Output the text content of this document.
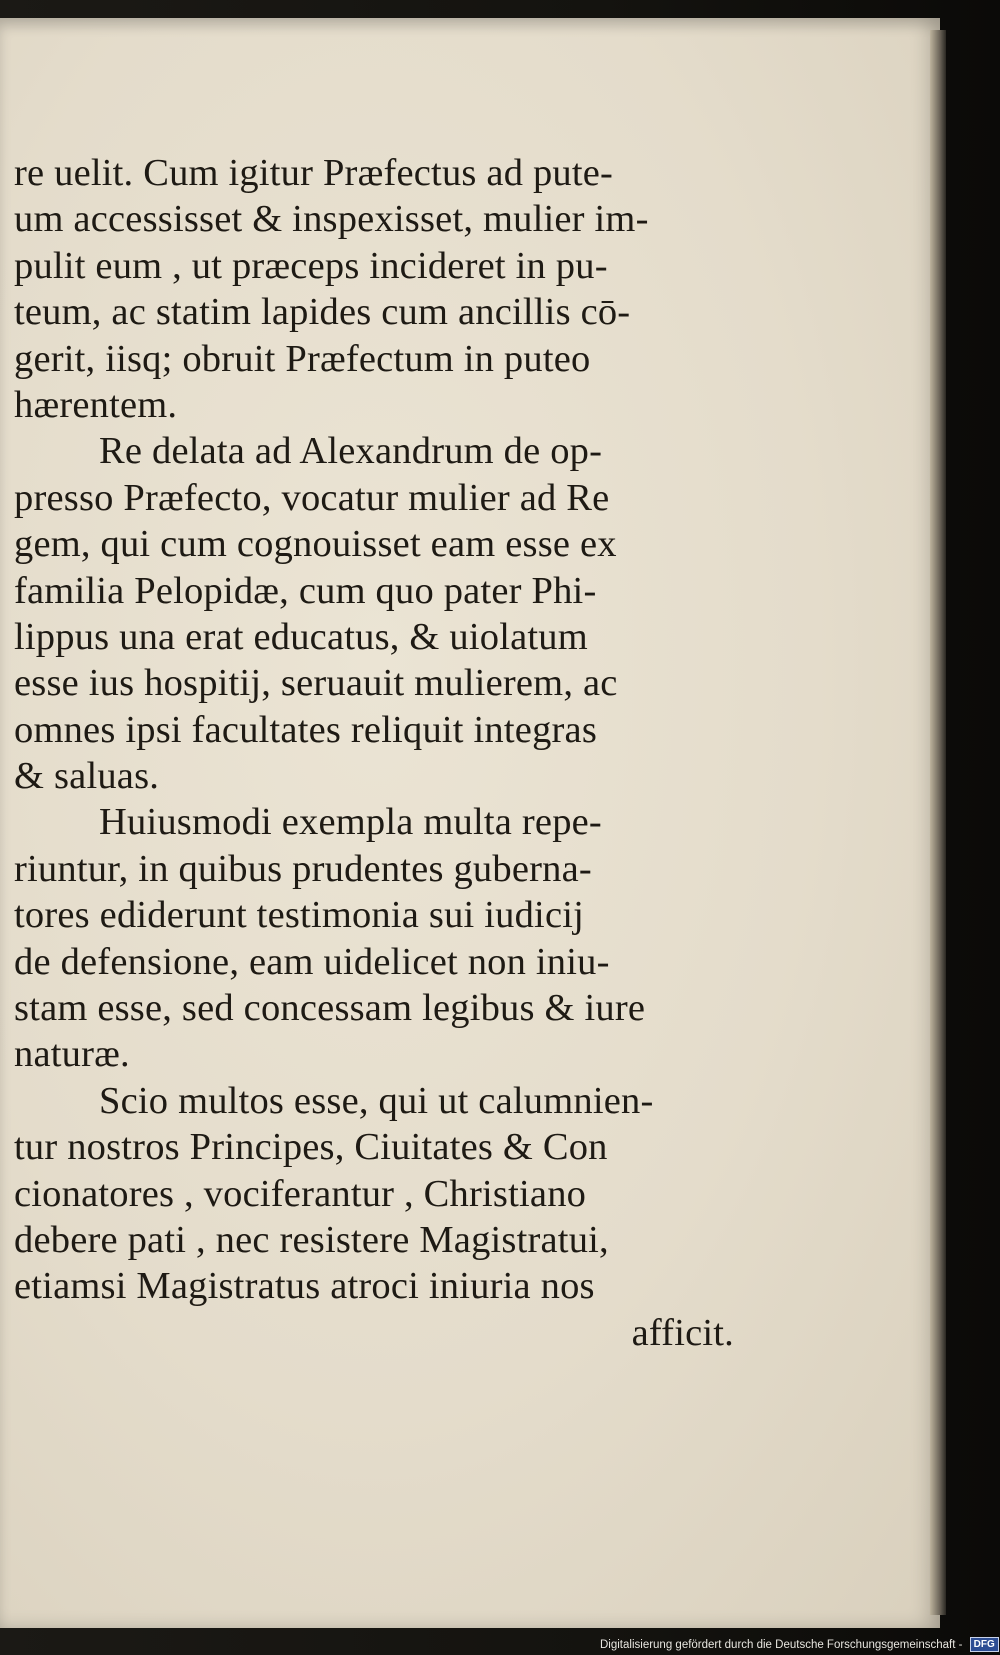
re uelit. Cum igitur Præfectus ad pute-
um accessisset & inspexisset, mulier im-
pulit eum , ut præceps incideret in pu-
teum, ac statim lapides cum ancillis cō-
gerit, iisq; obruit Præfectum in puteo
hærentem.
Re delata ad Alexandrum de op-
presso Præfecto, vocatur mulier ad Re
gem, qui cum cognouisset eam esse ex
familia Pelopidæ, cum quo pater Phi-
lippus una erat educatus, & uiolatum
esse ius hospitij, seruauit mulierem, ac
omnes ipsi facultates reliquit integras
& saluas.
Huiusmodi exempla multa repe-
riuntur, in quibus prudentes guberna-
tores ediderunt testimonia sui iudicij
de defensione, eam uidelicet non iniu-
stam esse, sed concessam legibus & iure
naturæ.
Scio multos esse, qui ut calumnien-
tur nostros Principes, Ciuitates & Con
cionatores , vociferantur , Christiano
debere pati , nec resistere Magistratui,
etiamsi Magistratus atroci iniuria nos
afficit.
Digitalisierung gefördert durch die Deutsche Forschungsgemeinschaft - DFG
